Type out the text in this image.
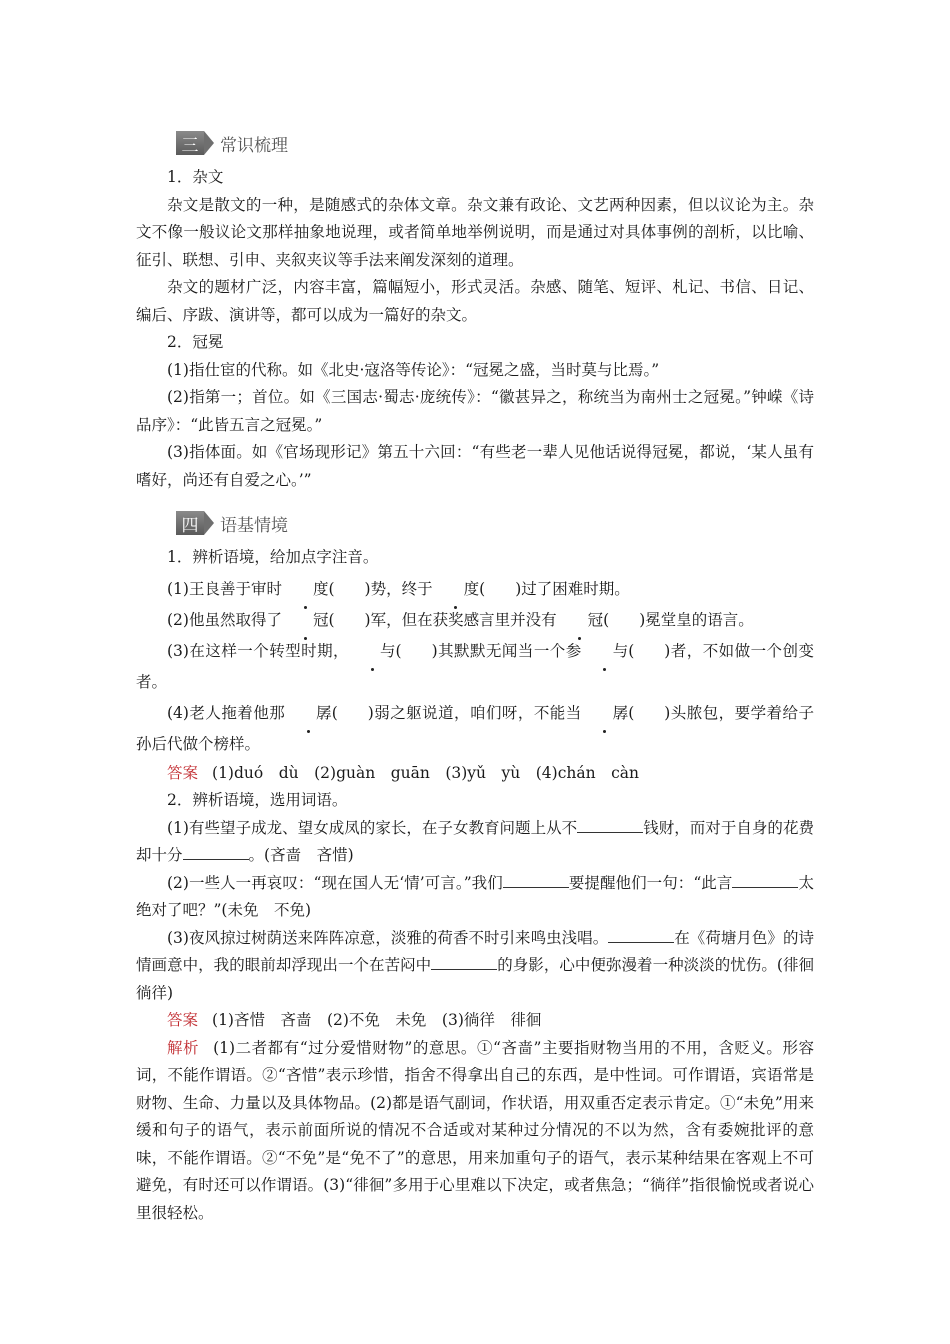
三	常识梳理

1．杂文

杂文是散文的一种，是随感式的杂体文章。杂文兼有政论、文艺两种因素，但以议论为主。杂文不像一般议论文那样抽象地说理，或者简单地举例说明，而是通过对具体事例的剖析，以比喻、征引、联想、引申、夹叙夹议等手法来阐发深刻的道理。

杂文的题材广泛，内容丰富，篇幅短小，形式灵活。杂感、随笔、短评、札记、书信、日记、编后、序跋、演讲等，都可以成为一篇好的杂文。

2．冠冕

(1)指仕宦的代称。如《北史·寇洛等传论》：“冠冕之盛，当时莫与比焉。”

(2)指第一；首位。如《三国志·蜀志·庞统传》：“徽甚异之，称统当为南州士之冠冕。”钟嵘《诗品序》：“此皆五言之冠冕。”

(3)指体面。如《官场现形记》第五十六回：“有些老一辈人见他话说得冠冕，都说，‘某人虽有嗜好，尚还有自爱之心。’”

四	语基情境

1．辨析语境，给加点字注音。

(1)王良善于审时 度( )势，终于 度( )过了困难时期。

(2)他虽然取得了 冠( )军，但在获奖感言里并没有 冠( )冕堂皇的语言。

(3)在这样一个转型时期， 与( )其默默无闻当一个参 与( )者，不如做一个创变者。

(4)老人拖着他那 孱( )弱之躯说道，咱们呀，不能当 孱( )头脓包，要学着给子孙后代做个榜样。

答案 (1)duó　dù　(2)guàn　guān　(3)yǔ　yù　(4)chán　càn

2．辨析语境，选用词语。

(1)有些望子成龙、望女成凤的家长，在子女教育问题上从不	钱财，而对于自身的花费却十分	。(吝啬　吝惜)

(2)一些人一再哀叹：“现在国人无‘情’可言。”我们	要提醒他们一句：“此言	太绝对了吧？”(未免　不免)

(3)夜风掠过树荫送来阵阵凉意，淡雅的荷香不时引来鸣虫浅唱。	在《荷塘月色》的诗情画意中，我的眼前却浮现出一个在苦闷中	的身影，心中便弥漫着一种淡淡的忧伤。(徘徊　徜徉)

答案 (1)吝惜　吝啬　(2)不免　未免　(3)徜徉　徘徊

解析 (1)二者都有“过分爱惜财物”的意思。①“吝啬”主要指财物当用的不用，含贬义。形容词，不能作谓语。②“吝惜”表示珍惜，指舍不得拿出自己的东西，是中性词。可作谓语，宾语常是财物、生命、力量以及具体物品。(2)都是语气副词，作状语，用双重否定表示肯定。①“未免”用来缓和句子的语气，表示前面所说的情况不合适或对某种过分情况的不以为然，含有委婉批评的意味，不能作谓语。②“不免”是“免不了”的意思，用来加重句子的语气，表示某种结果在客观上不可避免，有时还可以作谓语。(3)“徘徊”多用于心里难以下决定，或者焦急；“徜徉”指很愉悦或者说心里很轻松。
